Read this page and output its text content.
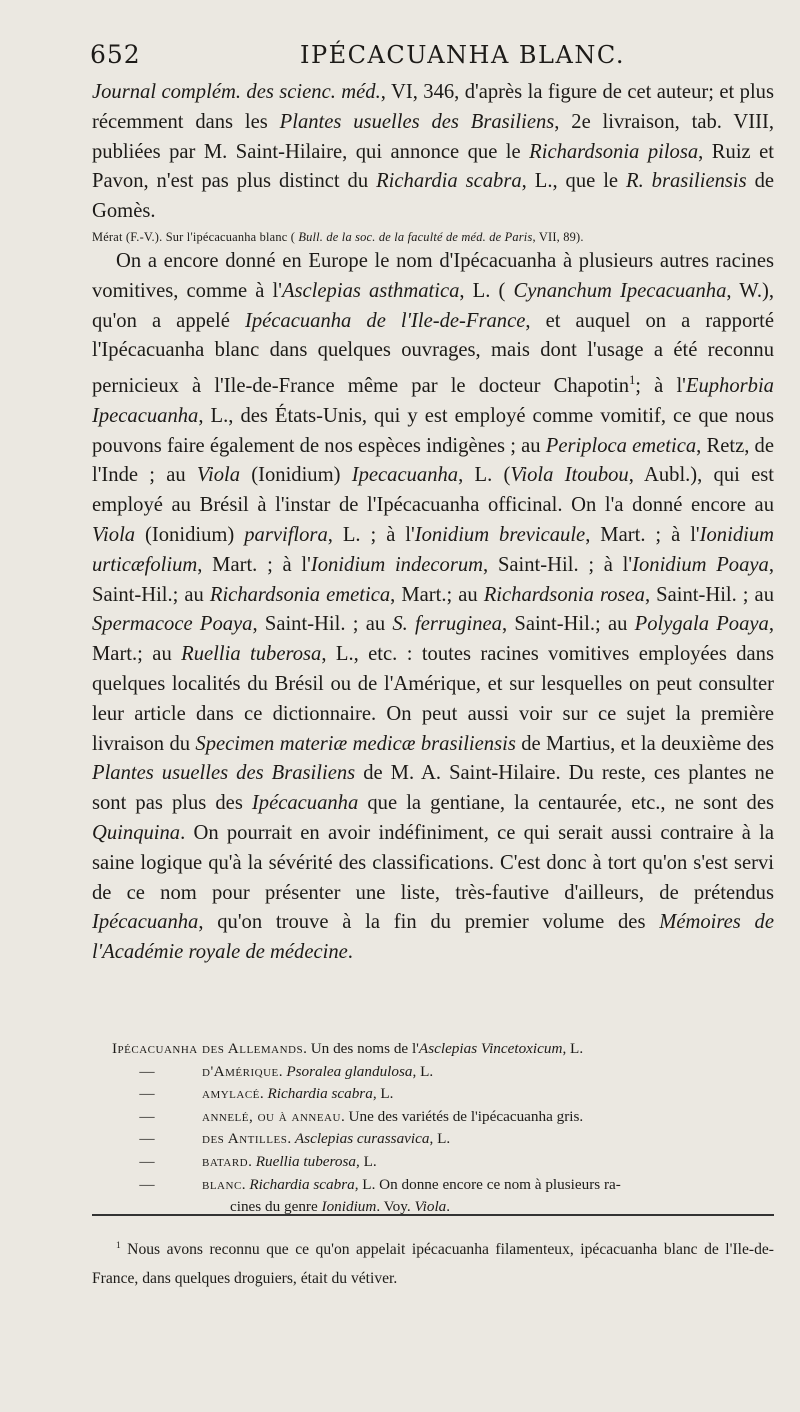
652	IPÉCACUANHA BLANC.

Journal complém. des scienc. méd., VI, 346, d'après la figure de cet auteur; et plus récemment dans les Plantes usuelles des Brasiliens, 2e livraison, tab. VIII, publiées par M. Saint-Hilaire, qui annonce que le Richardsonia pilosa, Ruiz et Pavon, n'est pas plus distinct du Richardia scabra, L., que le R. brasiliensis de Gomès.

Mérat (F.-V.). Sur l'ipécacuanha blanc ( Bull. de la soc. de la faculté de méd. de Paris, VII, 89).

On a encore donné en Europe le nom d'Ipécacuanha à plusieurs autres racines vomitives, comme à l'Asclepias asthmatica, L. ( Cynanchum Ipecacuanha, W.), qu'on a appelé Ipécacuanha de l'Ile-de-France, et auquel on a rapporté l'Ipécacuanha blanc dans quelques ouvrages, mais dont l'usage a été reconnu pernicieux à l'Ile-de-France même par le docteur Chapotin$^1$; à l'Euphorbia Ipecacuanha, L., des États-Unis, qui y est employé comme vomitif, ce que nous pouvons faire également de nos espèces indigènes ; au Periploca emetica, Retz, de l'Inde ; au Viola (Ionidium) Ipecacuanha, L. (Viola Itoubou, Aubl.), qui est employé au Brésil à l'instar de l'Ipécacuanha officinal. On l'a donné encore au Viola (Ionidium) parviflora, L. ; à l'Ionidium brevicaule, Mart. ; à l'Ionidium urticæfolium, Mart. ; à l'Ionidium indecorum, Saint-Hil. ; à l'Ionidium Poaya, Saint-Hil.; au Richardsonia emetica, Mart.; au Richardsonia rosea, Saint-Hil. ; au Spermacoce Poaya, Saint-Hil. ; au S. ferruginea, Saint-Hil.; au Polygala Poaya, Mart.; au Ruellia tuberosa, L., etc. : toutes racines vomitives employées dans quelques localités du Brésil ou de l'Amérique, et sur lesquelles on peut consulter leur article dans ce dictionnaire. On peut aussi voir sur ce sujet la première livraison du Specimen materiæ medicæ brasiliensis de Martius, et la deuxième des Plantes usuelles des Brasiliens de M. A. Saint-Hilaire. Du reste, ces plantes ne sont pas plus des Ipécacuanha que la gentiane, la centaurée, etc., ne sont des Quinquina. On pourrait en avoir indéfiniment, ce qui serait aussi contraire à la saine logique qu'à la sévérité des classifications. C'est donc à tort qu'on s'est servi de ce nom pour présenter une liste, très-fautive d'ailleurs, de prétendus Ipécacuanha, qu'on trouve à la fin du premier volume des Mémoires de l'Académie royale de médecine.

Ipécacuanha des Allemands. Un des noms de l'Asclepias Vincetoxicum, L.

—	d'Amérique. Psoralea glandulosa, L.

—	amylacé. Richardia scabra, L.

—	annelé, ou à anneau. Une des variétés de l'ipécacuanha gris.

—	des Antilles. Asclepias curassavica, L.

—	batard. Ruellia tuberosa, L.

—	blanc. Richardia scabra, L. On donne encore ce nom à plusieurs ra-

cines du genre Ionidium. Voy. Viola.

$^1$ Nous avons reconnu que ce qu'on appelait ipécacuanha filamenteux, ipécacuanha blanc de l'Ile-de-France, dans quelques droguiers, était du vétiver.
